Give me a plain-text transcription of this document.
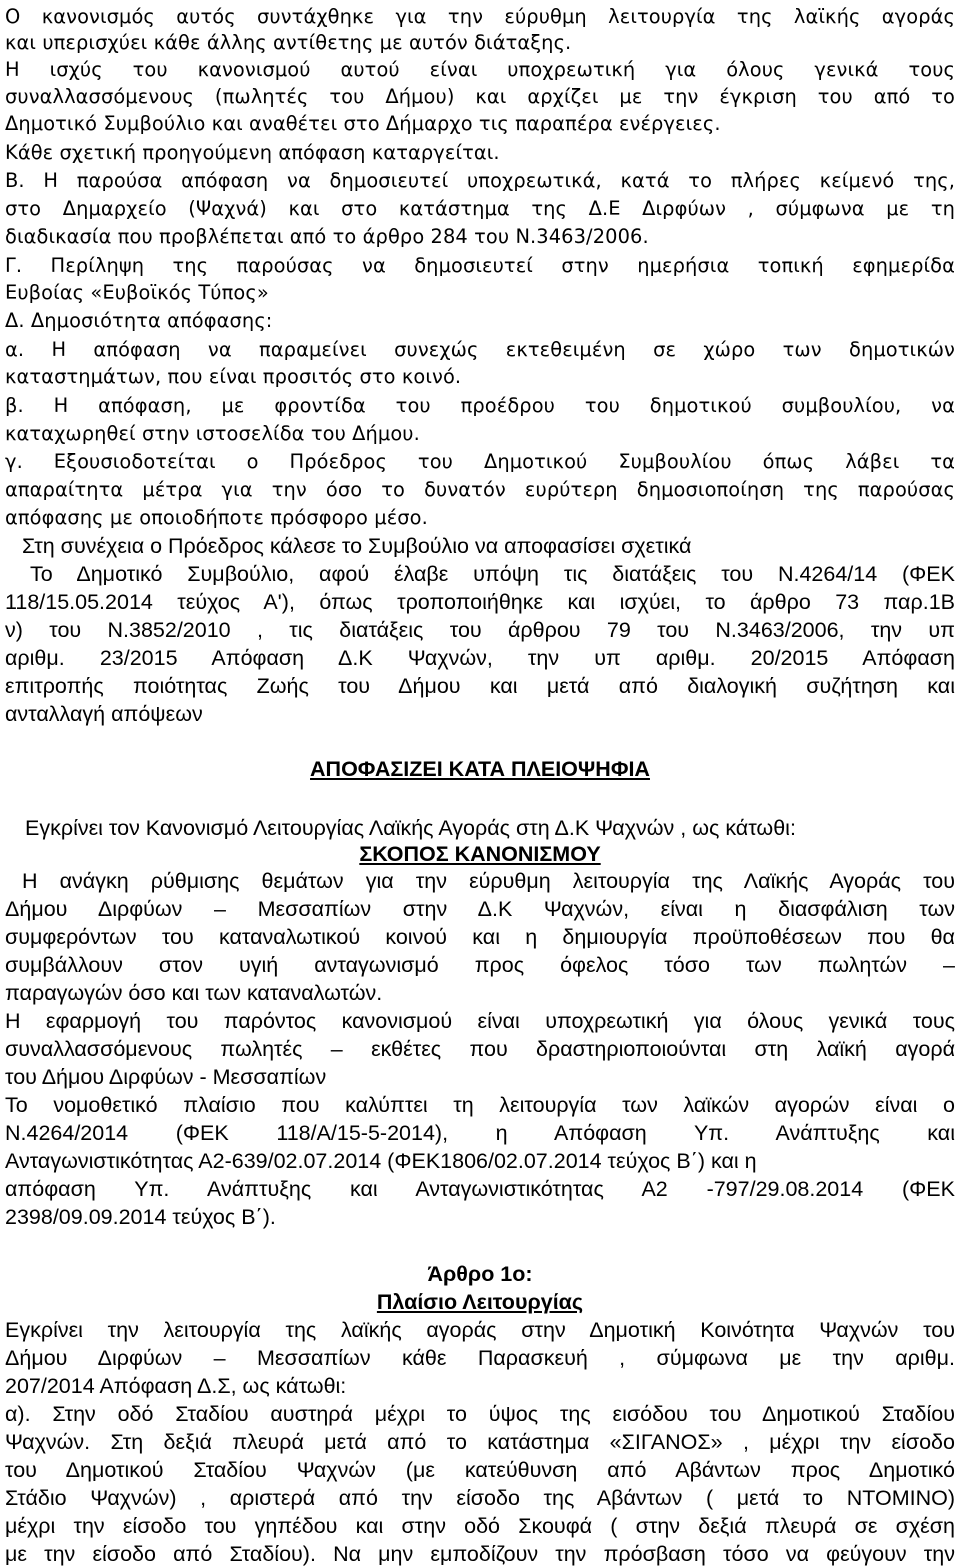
Ο κανονισμός αυτός συντάχθηκε για την εύρυθμη λειτουργία της λαϊκής αγοράς
και υπερισχύει κάθε άλλης αντίθετης με αυτόν διάταξης.
Η ισχύς του κανονισμού αυτού είναι υποχρεωτική για όλους γενικά τους
συναλλασσόμενους (πωλητές του Δήμου) και αρχίζει με την έγκριση του από το
Δημοτικό Συμβούλιο και αναθέτει στο Δήμαρχο τις παραπέρα ενέργειες.
Κάθε σχετική προηγούμενη απόφαση καταργείται.
Β. Η παρούσα απόφαση να δημοσιευτεί υποχρεωτικά, κατά το πλήρες κείμενό της,
στο Δημαρχείο (Ψαχνά) και στο κατάστημα της Δ.Ε Διρφύων , σύμφωνα με τη
διαδικασία που προβλέπεται από το άρθρο 284 του Ν.3463/2006.
Γ. Περίληψη της παρούσας να δημοσιευτεί στην ημερήσια τοπική εφημερίδα
Ευβοίας «Ευβοϊκός Τύπος»
Δ. Δημοσιότητα απόφασης:
α. Η απόφαση να παραμείνει συνεχώς εκτεθειμένη σε χώρο των δημοτικών
καταστημάτων, που είναι προσιτός στο κοινό.
β. Η απόφαση, με φροντίδα του προέδρου του δημοτικού συμβουλίου, να
καταχωρηθεί στην ιστοσελίδα του Δήμου.
γ. Εξουσιοδοτείται ο Πρόεδρος του Δημοτικού Συμβουλίου όπως λάβει τα
απαραίτητα μέτρα για την όσο το δυνατόν ευρύτερη δημοσιοποίηση της παρούσας
απόφασης με οποιοδήποτε πρόσφορο μέσο.
Στη συνέχεια ο Πρόεδρος κάλεσε το Συμβούλιο να αποφασίσει σχετικά
Το Δημοτικό Συμβούλιο, αφού έλαβε υπόψη τις διατάξεις του Ν.4264/14 (ΦΕΚ
118/15.05.2014 τεύχος Α'), όπως τροποποιήθηκε και ισχύει, το άρθρο 73 παρ.1Β
ν) του Ν.3852/2010 , τις διατάξεις του άρθρου 79 του Ν.3463/2006, την υπ
αριθμ. 23/2015 Απόφαση Δ.Κ Ψαχνών, την υπ αριθμ. 20/2015 Απόφαση
επιτροπής ποιότητας Ζωής του Δήμου και μετά από διαλογική συζήτηση και
ανταλλαγή απόψεων
ΑΠΟΦΑΣΙΖΕΙ ΚΑΤΑ ΠΛΕΙΟΨΗΦΙΑ
Εγκρίνει τον Κανονισμό Λειτουργίας Λαϊκής Αγοράς στη Δ.Κ Ψαχνών , ως κάτωθι:
ΣΚΟΠΟΣ ΚΑΝΟΝΙΣΜΟΥ
Η ανάγκη ρύθμισης θεμάτων για την εύρυθμη λειτουργία της Λαϊκής Αγοράς του
Δήμου Διρφύων – Μεσσαπίων στην Δ.Κ Ψαχνών, είναι η διασφάλιση των
συμφερόντων του καταναλωτικού κοινού και η δημιουργία προϋποθέσεων που θα
συμβάλλουν στον υγιή ανταγωνισμό προς όφελος τόσο των πωλητών –
παραγωγών όσο και των καταναλωτών.
Η εφαρμογή του παρόντος κανονισμού είναι υποχρεωτική για όλους γενικά τους
συναλλασσόμενους πωλητές – εκθέτες που δραστηριοποιούνται στη λαϊκή αγορά
του Δήμου Διρφύων - Μεσσαπίων
Το νομοθετικό πλαίσιο που καλύπτει τη λειτουργία των λαϊκών αγορών είναι ο
Ν.4264/2014 (ΦΕΚ 118/Α/15-5-2014), η Απόφαση Υπ. Ανάπτυξης και
Ανταγωνιστικότητας Α2-639/02.07.2014 (ΦΕΚ1806/02.07.2014 τεύχος Β΄) και η
απόφαση Υπ. Ανάπτυξης και Ανταγωνιστικότητας Α2 -797/29.08.2014 (ΦΕΚ
2398/09.09.2014 τεύχος Β΄).
Άρθρο 1ο:
Πλαίσιο Λειτουργίας
Εγκρίνει την λειτουργία της λαϊκής αγοράς στην Δημοτική Κοινότητα Ψαχνών του
Δήμου Διρφύων – Μεσσαπίων κάθε Παρασκευή , σύμφωνα με την αριθμ.
207/2014 Απόφαση Δ.Σ, ως κάτωθι:
α). Στην οδό Σταδίου αυστηρά μέχρι το ύψος της εισόδου του Δημοτικού Σταδίου
Ψαχνών. Στη δεξιά πλευρά μετά από το κατάστημα «ΣΙΓΑΝΟΣ» , μέχρι την είσοδο
του Δημοτικού Σταδίου Ψαχνών (με κατεύθυνση από Αβάντων προς Δημοτικό
Στάδιο Ψαχνών) , αριστερά από την είσοδο της Αβάντων ( μετά το ΝΤΟΜΙΝΟ)
μέχρι την είσοδο του γηπέδου και στην οδό Σκουφά ( στην δεξιά πλευρά σε σχέση
με την είσοδο από Σταδίου). Να μην εμποδίζουν την πρόσβαση τόσο να φεύγουν την
